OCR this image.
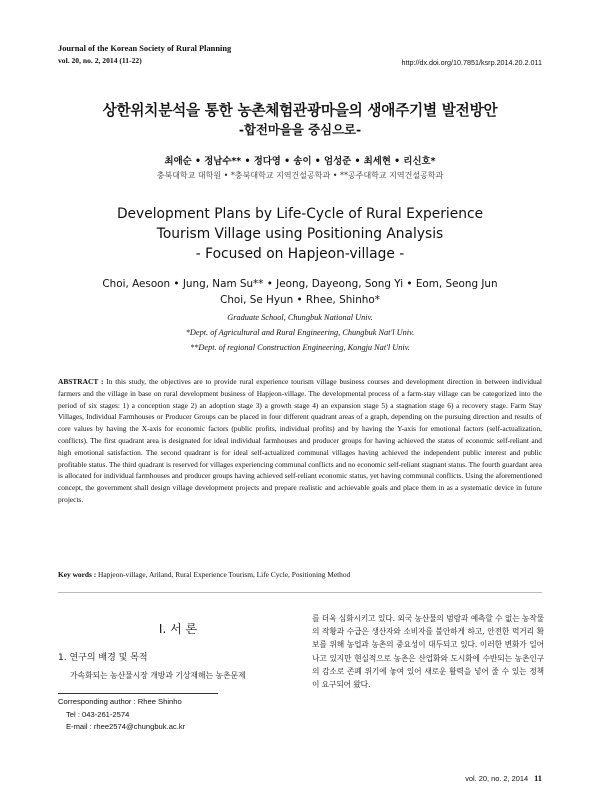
Journal of the Korean Society of Rural Planning
vol. 20, no. 2, 2014 (11-22)	http://dx.doi.org/10.7851/ksrp.2014.20.2.011
상한위치분석을 통한 농촌체험관광마을의 생애주기별 발전방안
-합전마을을 중심으로-
최애순 • 정남수** • 정다영 • 송이 • 엄성준 • 최세현 • 리신호*
충북대학교 대학원 • *충북대학교 지역건설공학과 • **공주대학교 지역건설공학과
Development Plans by Life-Cycle of Rural Experience
Tourism Village using Positioning Analysis
- Focused on Hapjeon-village -
Choi, Aesoon • Jung, Nam Su** • Jeong, Dayeong, Song Yi • Eom, Seong Jun
Choi, Se Hyun • Rhee, Shinho*
Graduate School, Chungbuk National Univ.
*Dept. of Agricultural and Rural Engineering, Chungbuk Nat'l Univ.
**Dept. of regional Construction Engineering, Kongju Nat'l Univ.
ABSTRACT : In this study, the objectives are to provide rural experience tourism village business courses and development direction in between individual farmers and the village in base on rural development business of Hapjeon-village. The developmental process of a farm-stay village can be categorized into the period of six stages: 1) a conception stage 2) an adoption stage 3) a growth stage 4) an expansion stage 5) a stagnation stage 6) a recovery stage. Farm Stay Villages, Individual Farmhouses or Producer Groups can be placed in four different quadrant areas of a graph, depending on the pursuing direction and results of core values by having the X-axis for economic factors (public profits, individual profits) and by having the Y-axis for emotional factors (self-actualization, conflicts). The first quadrant area is designated for ideal individual farmhouses and producer groups for having achieved the status of economic self-reliant and high emotional satisfaction. The second quadrant is for ideal self-actualized communal villages having achieved the independent public interest and public profitable status. The third quadrant is reserved for villages experiencing communal conflicts and no economic self-reliant stagnant status. The fourth guardant area is allocated for individual farmhouses and producer groups having achieved self-reliant economic status, yet having communal conflicts. Using the aforementioned concept, the government shall design village development projects and prepare realistic and achievable goals and place them in as a systematic device in future projects.
Key words : Hapjeon-village, Ariland, Rural Experience Tourism, Life Cycle, Positioning Method
I. 서 론
1. 연구의 배경 및 목적
가속화되는 농산물시장 개방과 기상재해는 농촌문제
Corresponding author : Rhee Shinho
Tel : 043-261-2574
E-mail : rhee2574@chungbuk.ac.kr
를 더욱 심화시키고 있다. 외국 농산물의 범람과 예측할 수 없는 농작물의 작황과 수급은 생산자와 소비자를 불안하게 하고, 안전한 먹거리 확보를 위해 농업과 농촌의 중요성이 대두되고 있다. 이러한 변화가 일어나고 있지만 현실적으로 농촌은 산업화와 도시화에 수반되는 농촌인구의 감소로 존폐 위기에 놓여 있어 새로운 활력을 넣어 줄 수 있는 정책이 요구되어 왔다.
vol. 20, no. 2, 2014 11
